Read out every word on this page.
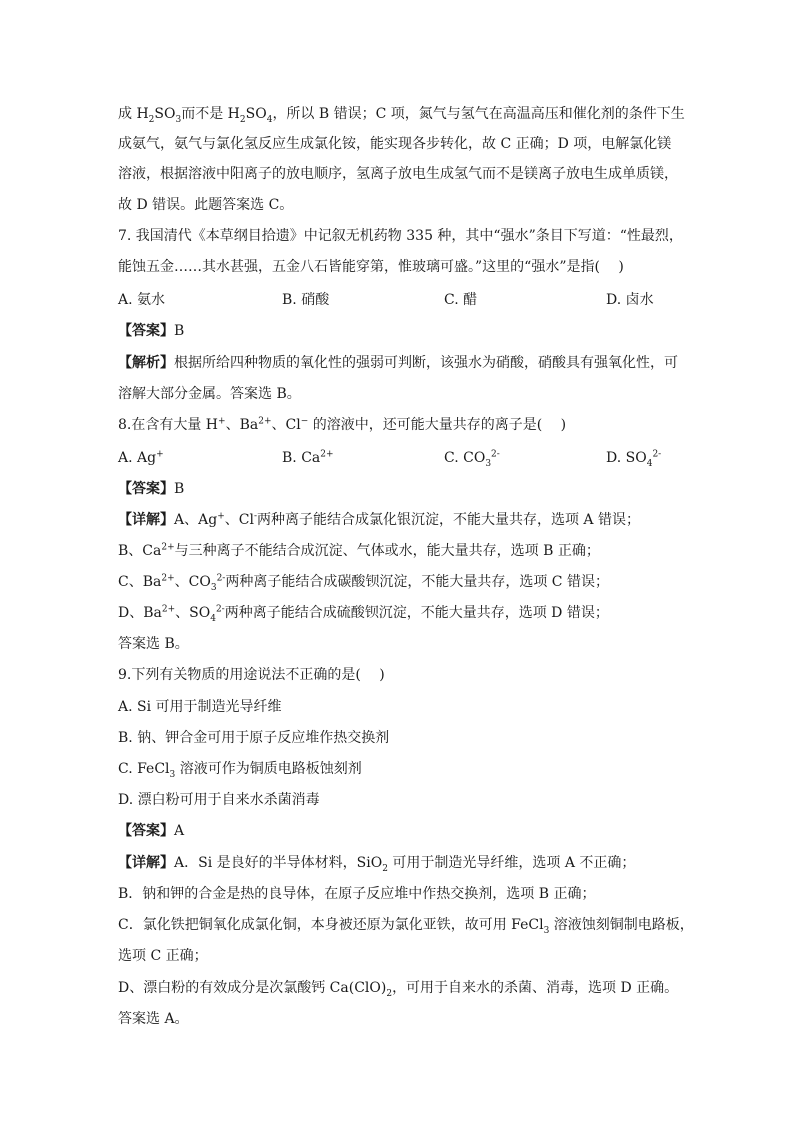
成 $H_2SO_3$而不是 $H_2SO_4$，所以 B 错误；C 项，氮气与氢气在高温高压和催化剂的条件下生
成氨气，氨气与氯化氢反应生成氯化铵，能实现各步转化，故 C 正确；D 项，电解氯化镁
溶液，根据溶液中阳离子的放电顺序，氢离子放电生成氢气而不是镁离子放电生成单质镁，
故 D 错误。此题答案选 C。
7. 我国清代《本草纲目拾遗》中记叙无机药物 335 种，其中“强水”条目下写道：“性最烈，
能蚀五金……其水甚强，五金八石皆能穿第，惟玻璃可盛。”这里的“强水”是指(　 )
A. 氨水	B. 硝酸	C. 醋	D. 卤水
【答案】B
【解析】根据所给四种物质的氧化性的强弱可判断，该强水为硝酸，硝酸具有强氧化性，可
溶解大部分金属。答案选 B。
8.在含有大量 H+、$Ba^{2+}$、Cl− 的溶液中，还可能大量共存的离子是(　 )
A. Ag+	B. $Ca^{2+}$	C. $CO_3^{2-}$	D. $SO_4^{2-}$
【答案】B
【详解】A、Ag+、Cl-两种离子能结合成氯化银沉淀，不能大量共存，选项 A 错误；
B、$Ca^{2+}$与三种离子不能结合成沉淀、气体或水，能大量共存，选项 B 正确；
C、$Ba^{2+}$、$CO_3^{2-}$两种离子能结合成碳酸钡沉淀，不能大量共存，选项 C 错误；
D、$Ba^{2+}$、$SO_4^{2-}$两种离子能结合成硫酸钡沉淀，不能大量共存，选项 D 错误；
答案选 B。
9.下列有关物质的用途说法不正确的是(　 )
A. Si 可用于制造光导纤维
B. 钠、钾合金可用于原子反应堆作热交换剂
C. FeCl$_3$ 溶液可作为铜质电路板蚀刻剂
D. 漂白粉可用于自来水杀菌消毒
【答案】A
【详解】A．Si 是良好的半导体材料，SiO$_2$ 可用于制造光导纤维，选项 A 不正确；
B．钠和钾的合金是热的良导体，在原子反应堆中作热交换剂，选项 B 正确；
C．氯化铁把铜氧化成氯化铜，本身被还原为氯化亚铁，故可用 FeCl$_3$ 溶液蚀刻铜制电路板，
选项 C 正确；
D、漂白粉的有效成分是次氯酸钙 $Ca(ClO)_2$，可用于自来水的杀菌、消毒，选项 D 正确。
答案选 A。
